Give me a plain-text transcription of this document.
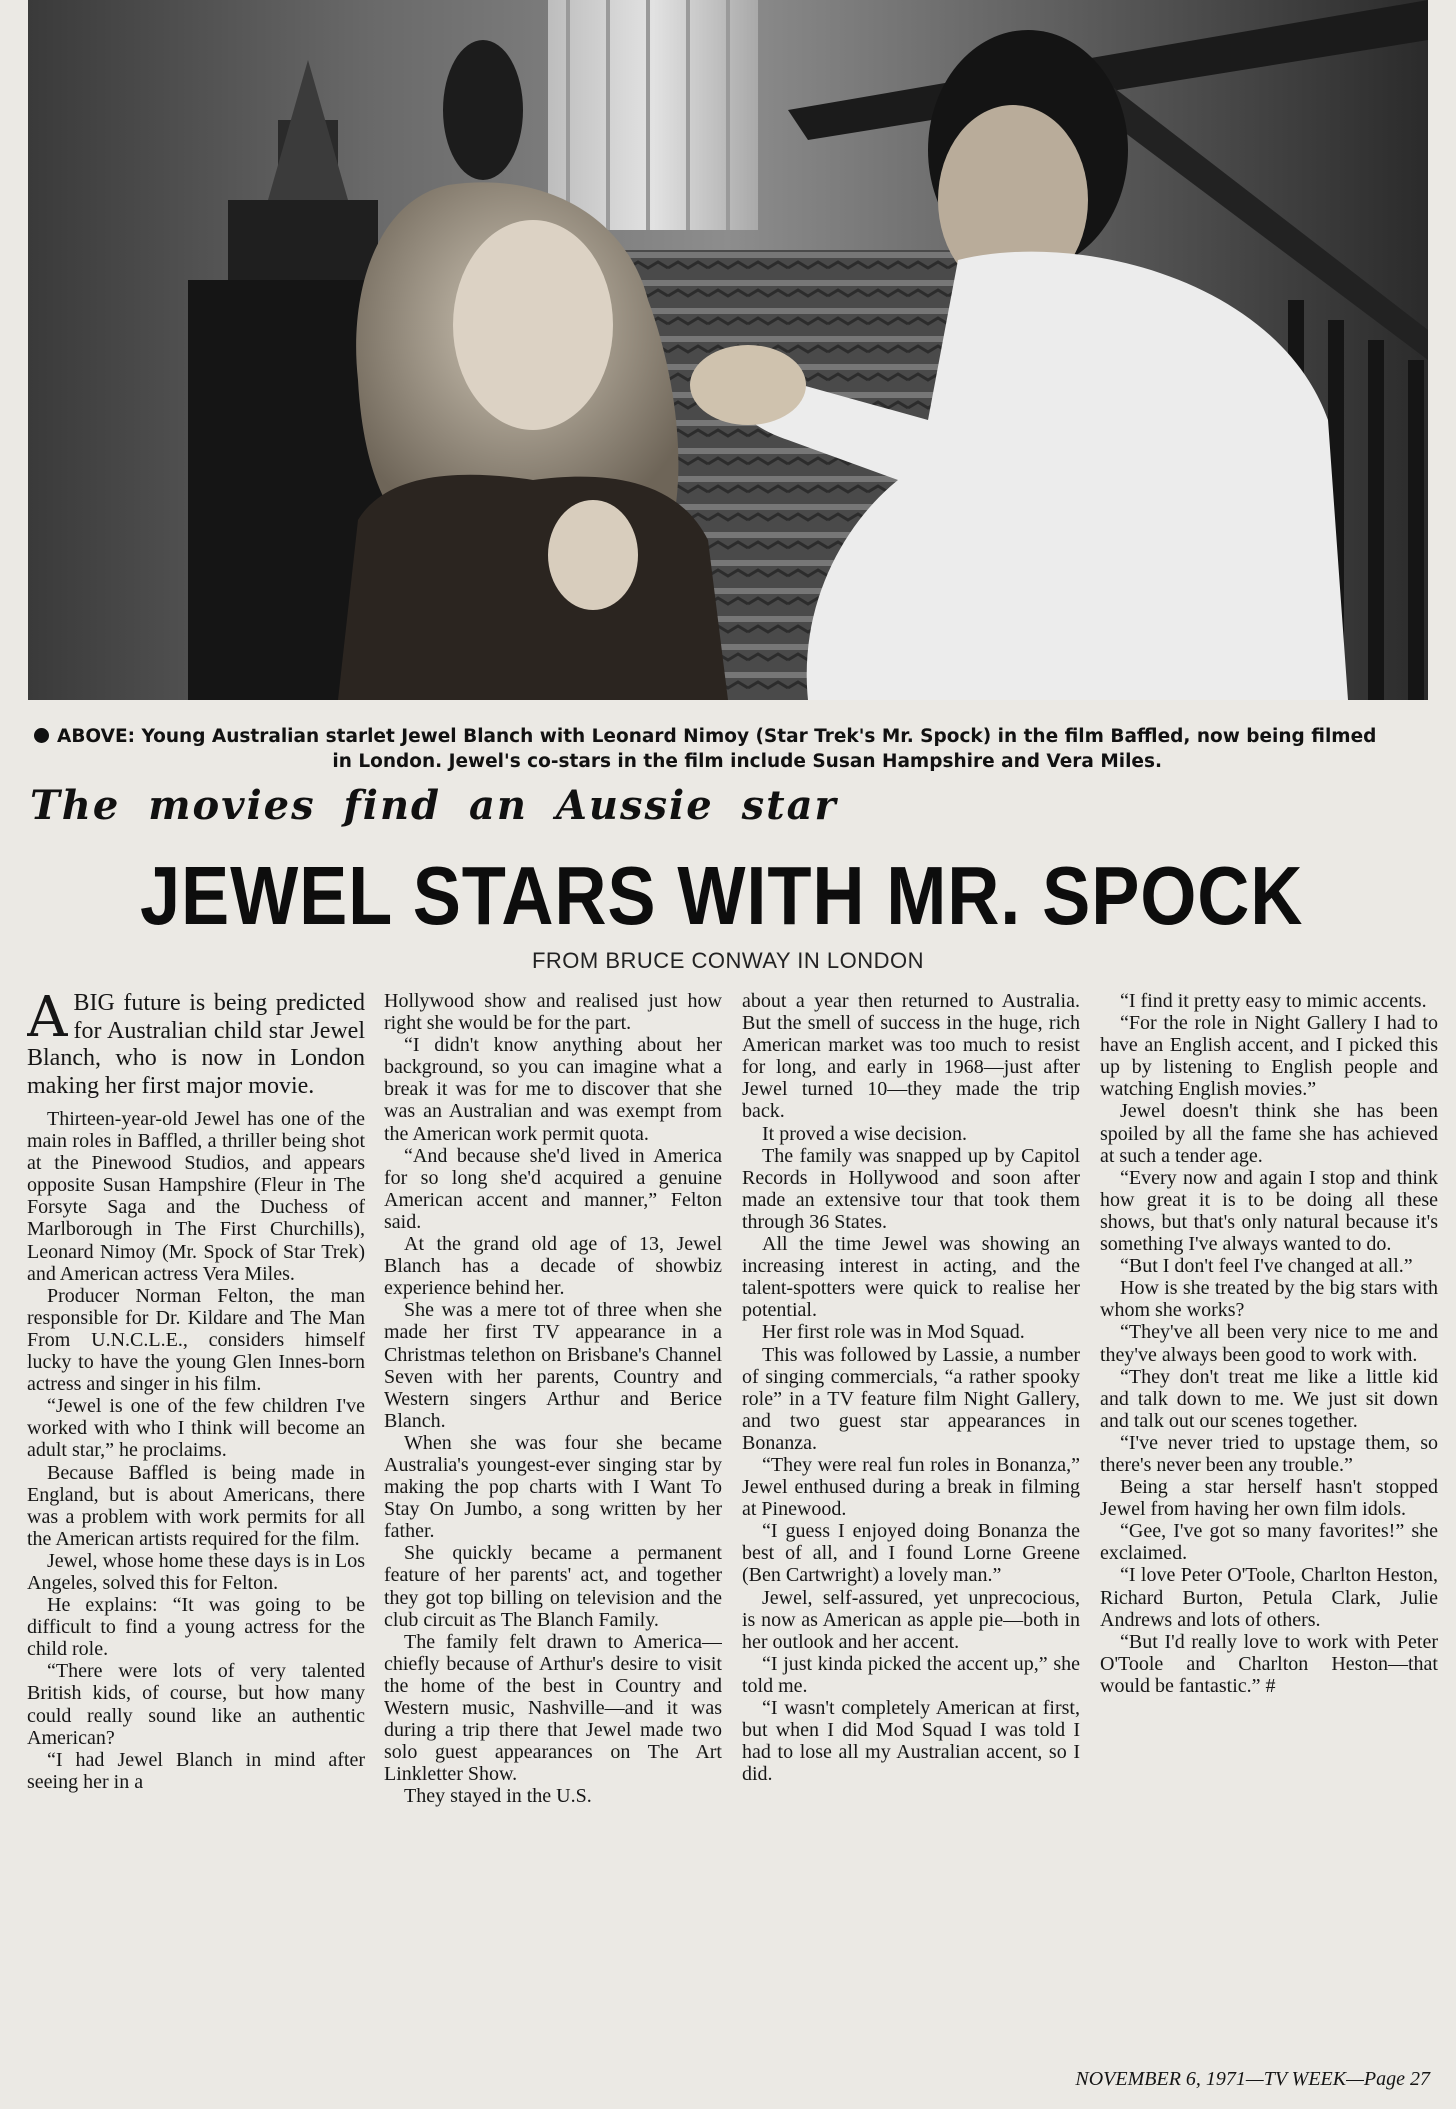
ABOVE: Young Australian starlet Jewel Blanch with Leonard Nimoy (Star Trek's Mr. Spock) in the film Baffled, now being filmed
in London. Jewel's co-stars in the film include Susan Hampshire and Vera Miles.
The movies find an Aussie star
JEWEL STARS WITH MR. SPOCK
FROM BRUCE CONWAY IN LONDON

ABIG future is being predicted for Australian child star Jewel Blanch, who is now in London making her first major movie.

Thirteen-year-old Jewel has one of the main roles in Baffled, a thriller being shot at the Pinewood Studios, and appears opposite Susan Hampshire (Fleur in The Forsyte Saga and the Duchess of Marlborough in The First Churchills), Leonard Nimoy (Mr. Spock of Star Trek) and American actress Vera Miles.

Producer Norman Felton, the man responsible for Dr. Kildare and The Man From U.N.C.L.E., considers himself lucky to have the young Glen Innes-born actress and singer in his film.

“Jewel is one of the few children I've worked with who I think will become an adult star,” he proclaims.

Because Baffled is being made in England, but is about Americans, there was a problem with work permits for all the American artists required for the film.

Jewel, whose home these days is in Los Angeles, solved this for Felton.

He explains: “It was going to be difficult to find a young actress for the child role.

“There were lots of very talented British kids, of course, but how many could really sound like an authentic American?

“I had Jewel Blanch in mind after seeing her in a

Hollywood show and realised just how right she would be for the part.

“I didn't know anything about her background, so you can imagine what a break it was for me to discover that she was an Australian and was exempt from the American work permit quota.

“And because she'd lived in America for so long she'd acquired a genuine American accent and manner,” Felton said.

At the grand old age of 13, Jewel Blanch has a decade of showbiz experience behind her.

She was a mere tot of three when she made her first TV appearance in a Christmas telethon on Brisbane's Channel Seven with her parents, Country and Western singers Arthur and Berice Blanch.

When she was four she became Australia's youngest-ever singing star by making the pop charts with I Want To Stay On Jumbo, a song written by her father.

She quickly became a permanent feature of her parents' act, and together they got top billing on television and the club circuit as The Blanch Family.

The family felt drawn to America—chiefly because of Arthur's desire to visit the home of the best in Country and Western music, Nashville—and it was during a trip there that Jewel made two solo guest appearances on The Art Linkletter Show.

They stayed in the U.S.

about a year then returned to Australia. But the smell of success in the huge, rich American market was too much to resist for long, and early in 1968—just after Jewel turned 10—they made the trip back.

It proved a wise decision.

The family was snapped up by Capitol Records in Hollywood and soon after made an extensive tour that took them through 36 States.

All the time Jewel was showing an increasing interest in acting, and the talent-spotters were quick to realise her potential.

Her first role was in Mod Squad.

This was followed by Lassie, a number of singing commercials, “a rather spooky role” in a TV feature film Night Gallery, and two guest star appearances in Bonanza.

“They were real fun roles in Bonanza,” Jewel enthused during a break in filming at Pinewood.

“I guess I enjoyed doing Bonanza the best of all, and I found Lorne Greene (Ben Cartwright) a lovely man.”

Jewel, self-assured, yet unprecocious, is now as American as apple pie—both in her outlook and her accent.

“I just kinda picked the accent up,” she told me.

“I wasn't completely American at first, but when I did Mod Squad I was told I had to lose all my Australian accent, so I did.

“I find it pretty easy to mimic accents.

“For the role in Night Gallery I had to have an English accent, and I picked this up by listening to English people and watching English movies.”

Jewel doesn't think she has been spoiled by all the fame she has achieved at such a tender age.

“Every now and again I stop and think how great it is to be doing all these shows, but that's only natural because it's something I've always wanted to do.

“But I don't feel I've changed at all.”

How is she treated by the big stars with whom she works?

“They've all been very nice to me and they've always been good to work with.

“They don't treat me like a little kid and talk down to me. We just sit down and talk out our scenes together.

“I've never tried to upstage them, so there's never been any trouble.”

Being a star herself hasn't stopped Jewel from having her own film idols.

“Gee, I've got so many favorites!” she exclaimed.

“I love Peter O'Toole, Charlton Heston, Richard Burton, Petula Clark, Julie Andrews and lots of others.

“But I'd really love to work with Peter O'Toole and Charlton Heston—that would be fantastic.” #

NOVEMBER 6, 1971—TV WEEK—Page 27
